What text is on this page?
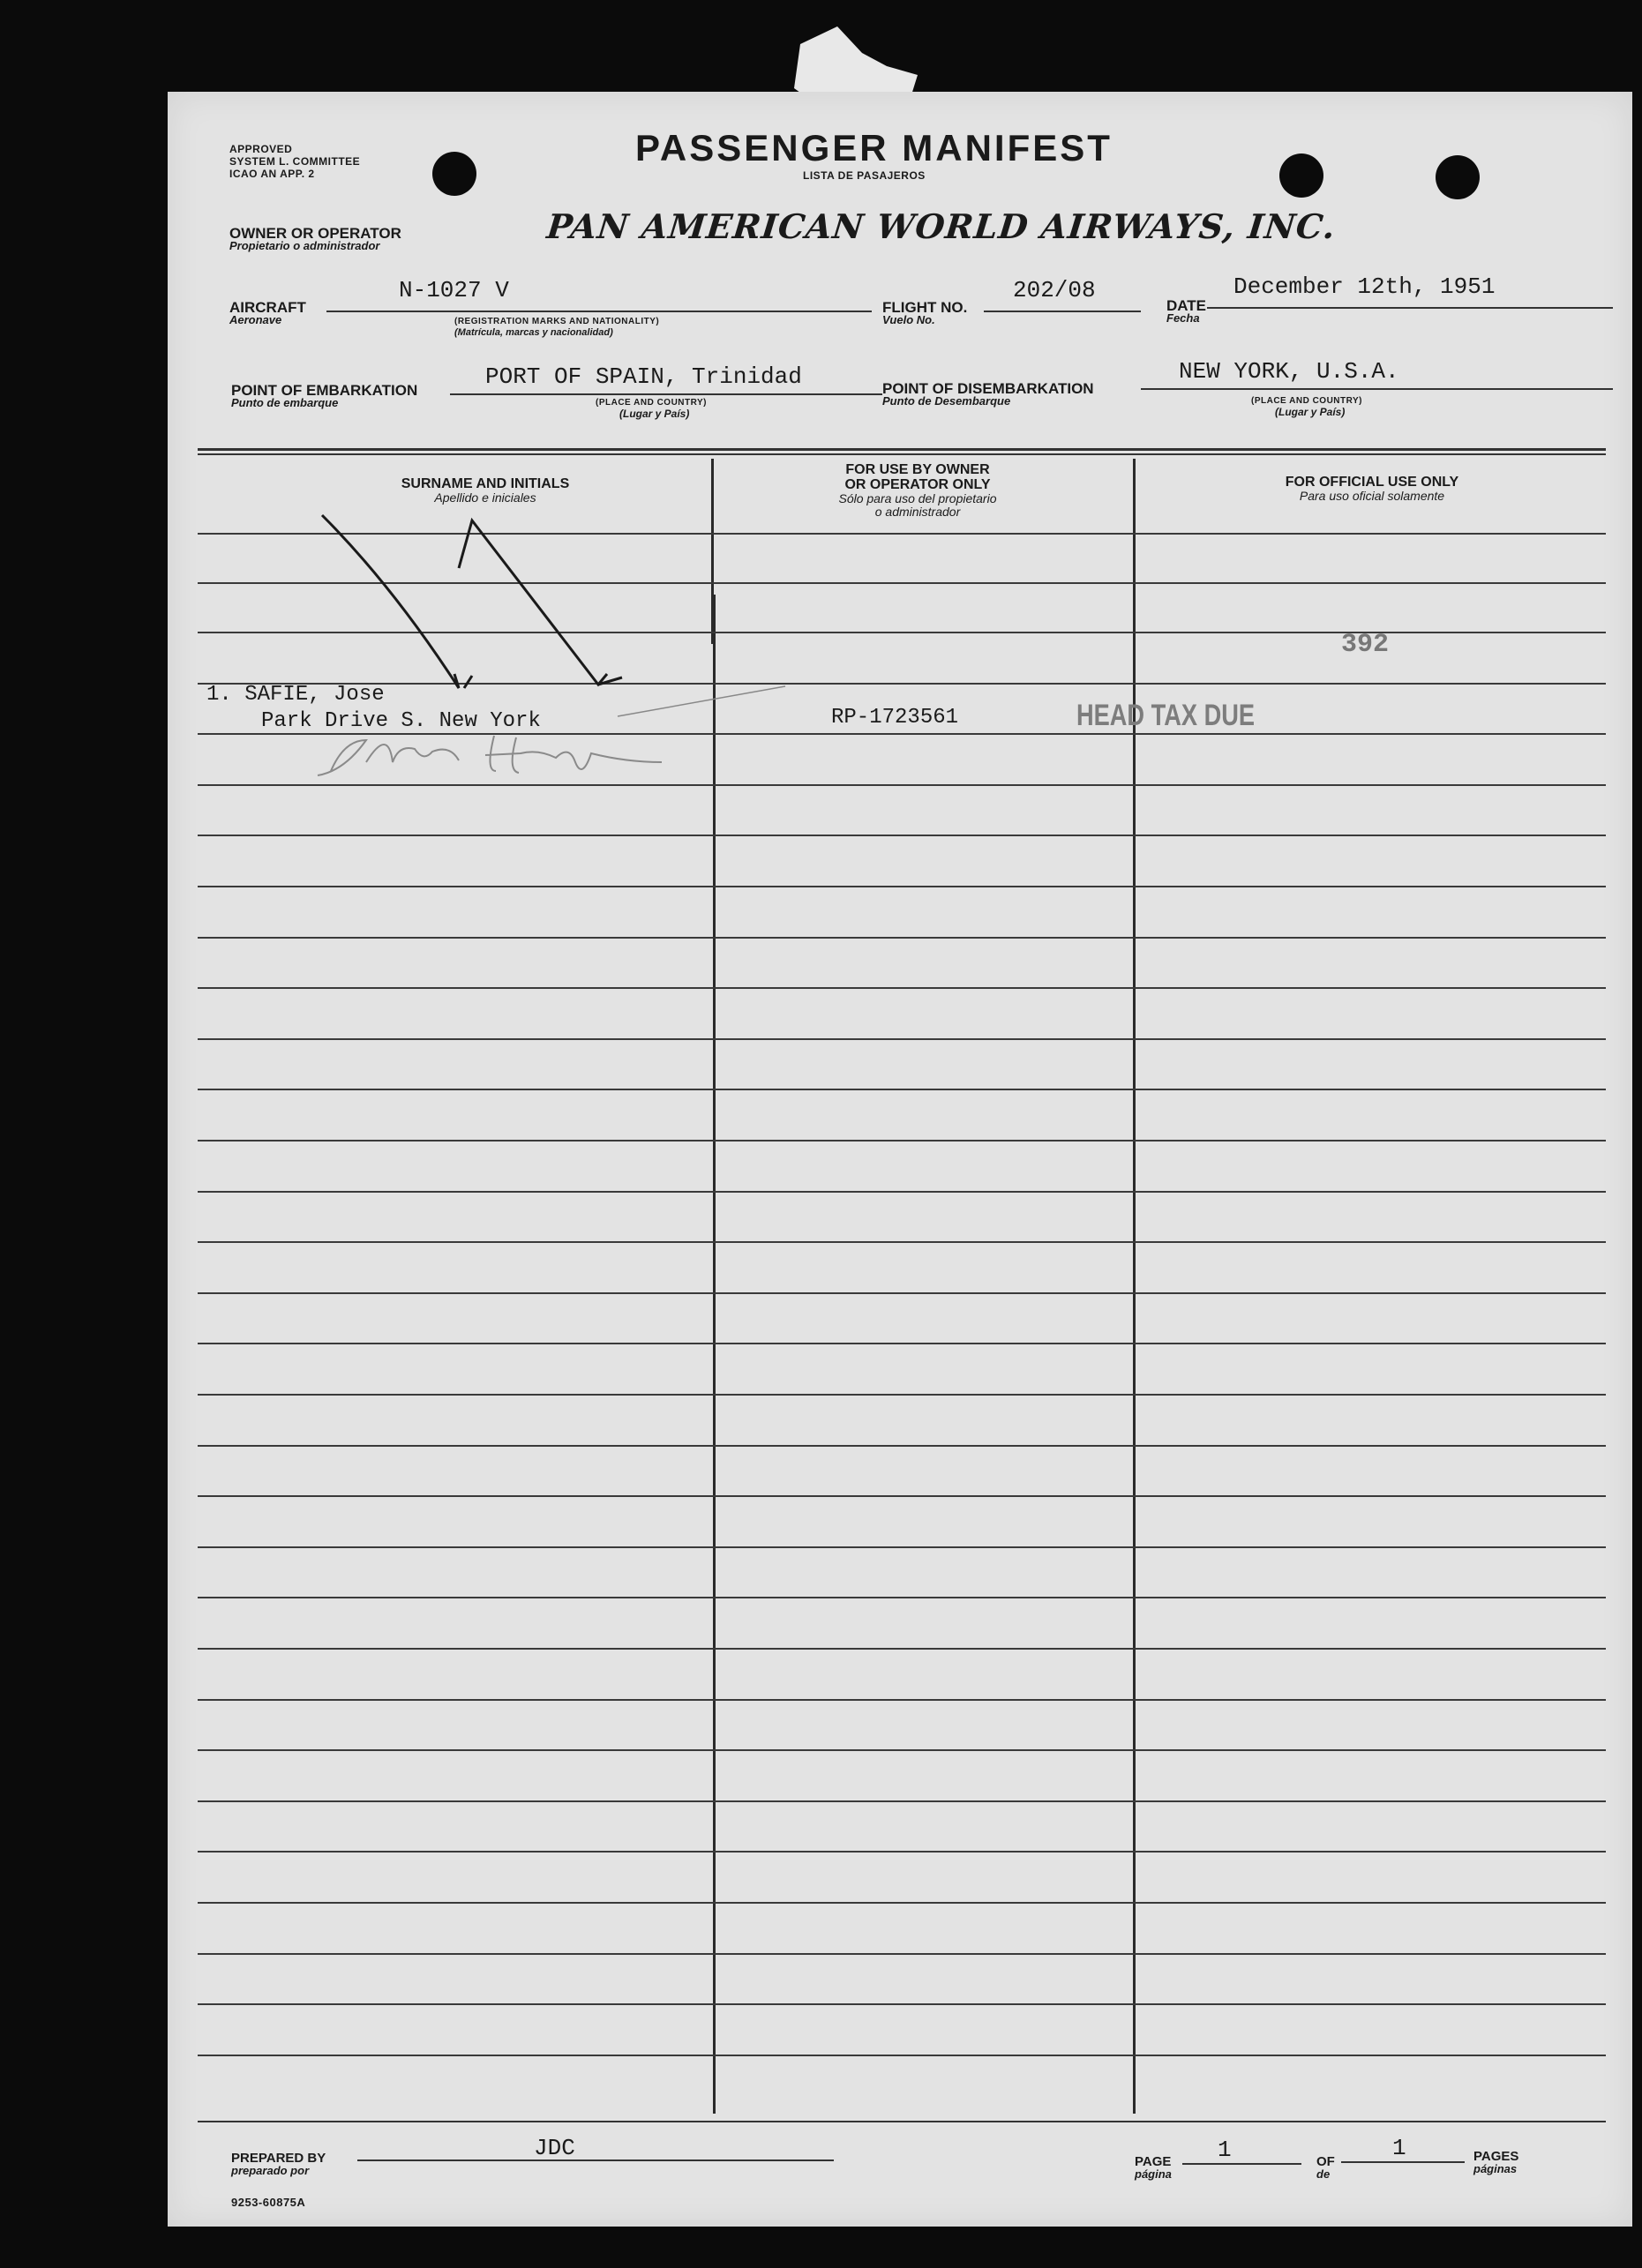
APPROVED
SYSTEM L. COMMITTEE
ICAO AN APP. 2
PASSENGER MANIFEST
LISTA DE PASAJEROS
OWNER OR OPERATOR
Propietario o administrador	PAN AMERICAN WORLD AIRWAYS, INC.
AIRCRAFT
Aeronave
N-1027 V
(REGISTRATION MARKS AND NATIONALITY)
(Matrícula, marcas y nacionalidad)
FLIGHT NO.
Vuelo No.
202/08
DATE
Fecha
December 12th, 1951
POINT OF EMBARKATION
Punto de embarque
PORT OF SPAIN, Trinidad
(PLACE AND COUNTRY)
(Lugar y País)
POINT OF DISEMBARKATION
Punto de Desembarque
NEW YORK, U.S.A.
(PLACE AND COUNTRY)
(Lugar y País)
SURNAME AND INITIALS
Apellido e iniciales
FOR USE BY OWNER
OR OPERATOR ONLY
Sólo para uso del propietario
o administrador
FOR OFFICIAL USE ONLY
Para uso oficial solamente
1. SAFIE, Jose
Park Drive S. New York	RP-1723561	HEAD TAX DUE
392
PREPARED BY
preparado por
JDC
PAGE
página
1	OF
de
1	PAGES
páginas
9253-60875A
